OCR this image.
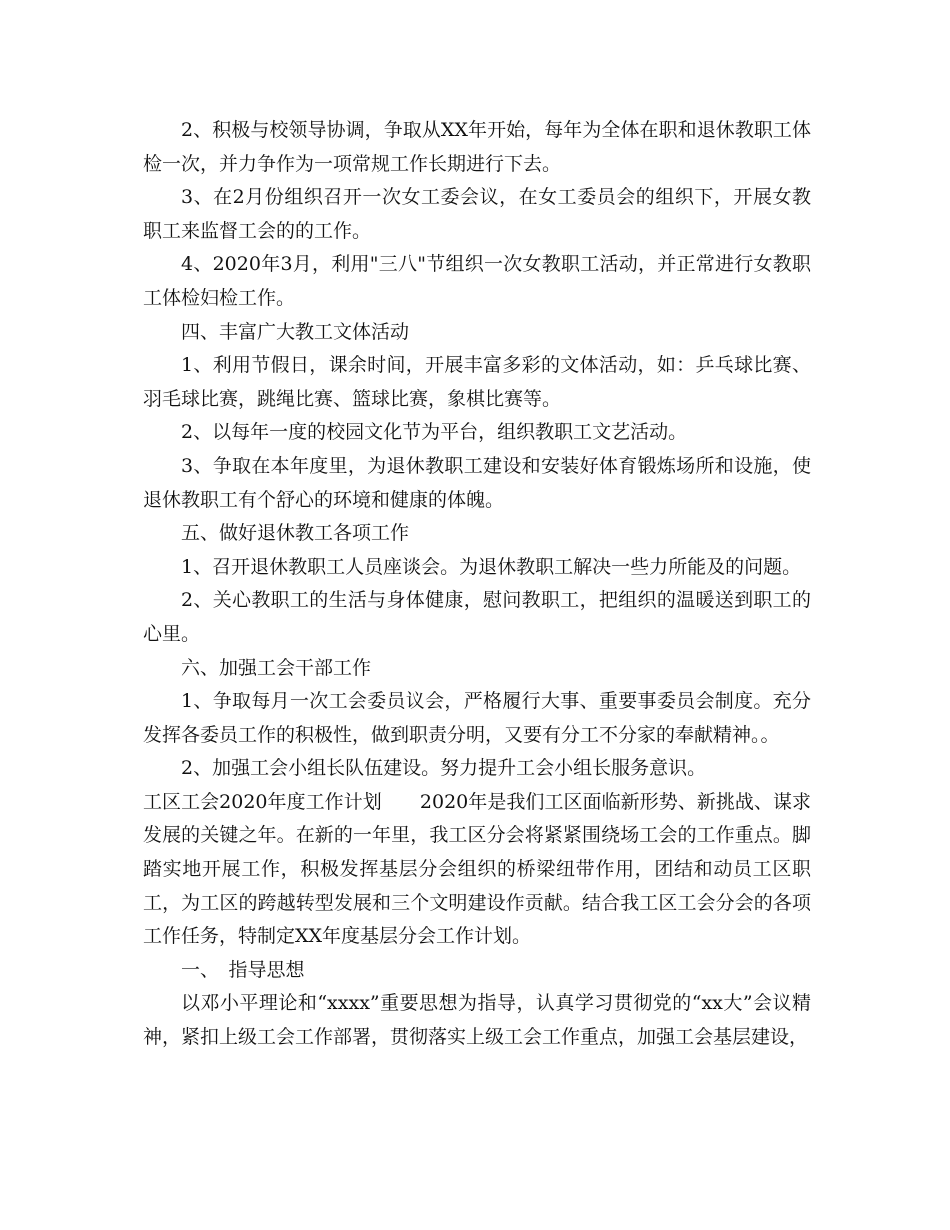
2、积极与校领导协调，争取从XX年开始，每年为全体在职和退休教职工体检一次，并力争作为一项常规工作长期进行下去。

3、在2月份组织召开一次女工委会议，在女工委员会的组织下，开展女教职工来监督工会的的工作。

4、2020年3月，利用"三八"节组织一次女教职工活动，并正常进行女教职工体检妇检工作。

四、丰富广大教工文体活动

1、利用节假日，课余时间，开展丰富多彩的文体活动，如：乒乓球比赛、羽毛球比赛，跳绳比赛、篮球比赛，象棋比赛等。

2、以每年一度的校园文化节为平台，组织教职工文艺活动。

3、争取在本年度里，为退休教职工建设和安装好体育锻炼场所和设施，使退休教职工有个舒心的环境和健康的体魄。

五、做好退休教工各项工作

1、召开退休教职工人员座谈会。为退休教职工解决一些力所能及的问题。

2、关心教职工的生活与身体健康，慰问教职工，把组织的温暖送到职工的心里。

六、加强工会干部工作

1、争取每月一次工会委员议会，严格履行大事、重要事委员会制度。充分发挥各委员工作的积极性，做到职责分明，又要有分工不分家的奉献精神。。

2、加强工会小组长队伍建设。努力提升工会小组长服务意识。

工区工会2020年度工作计划　　2020年是我们工区面临新形势、新挑战、谋求发展的关键之年。在新的一年里，我工区分会将紧紧围绕场工会的工作重点。脚踏实地开展工作，积极发挥基层分会组织的桥梁纽带作用，团结和动员工区职工，为工区的跨越转型发展和三个文明建设作贡献。结合我工区工会分会的各项工作任务，特制定XX年度基层分会工作计划。

一、　指导思想

以邓小平理论和“xxxx”重要思想为指导，认真学习贯彻党的“xx大”会议精神，紧扣上级工会工作部署，贯彻落实上级工会工作重点，加强工会基层建设，
